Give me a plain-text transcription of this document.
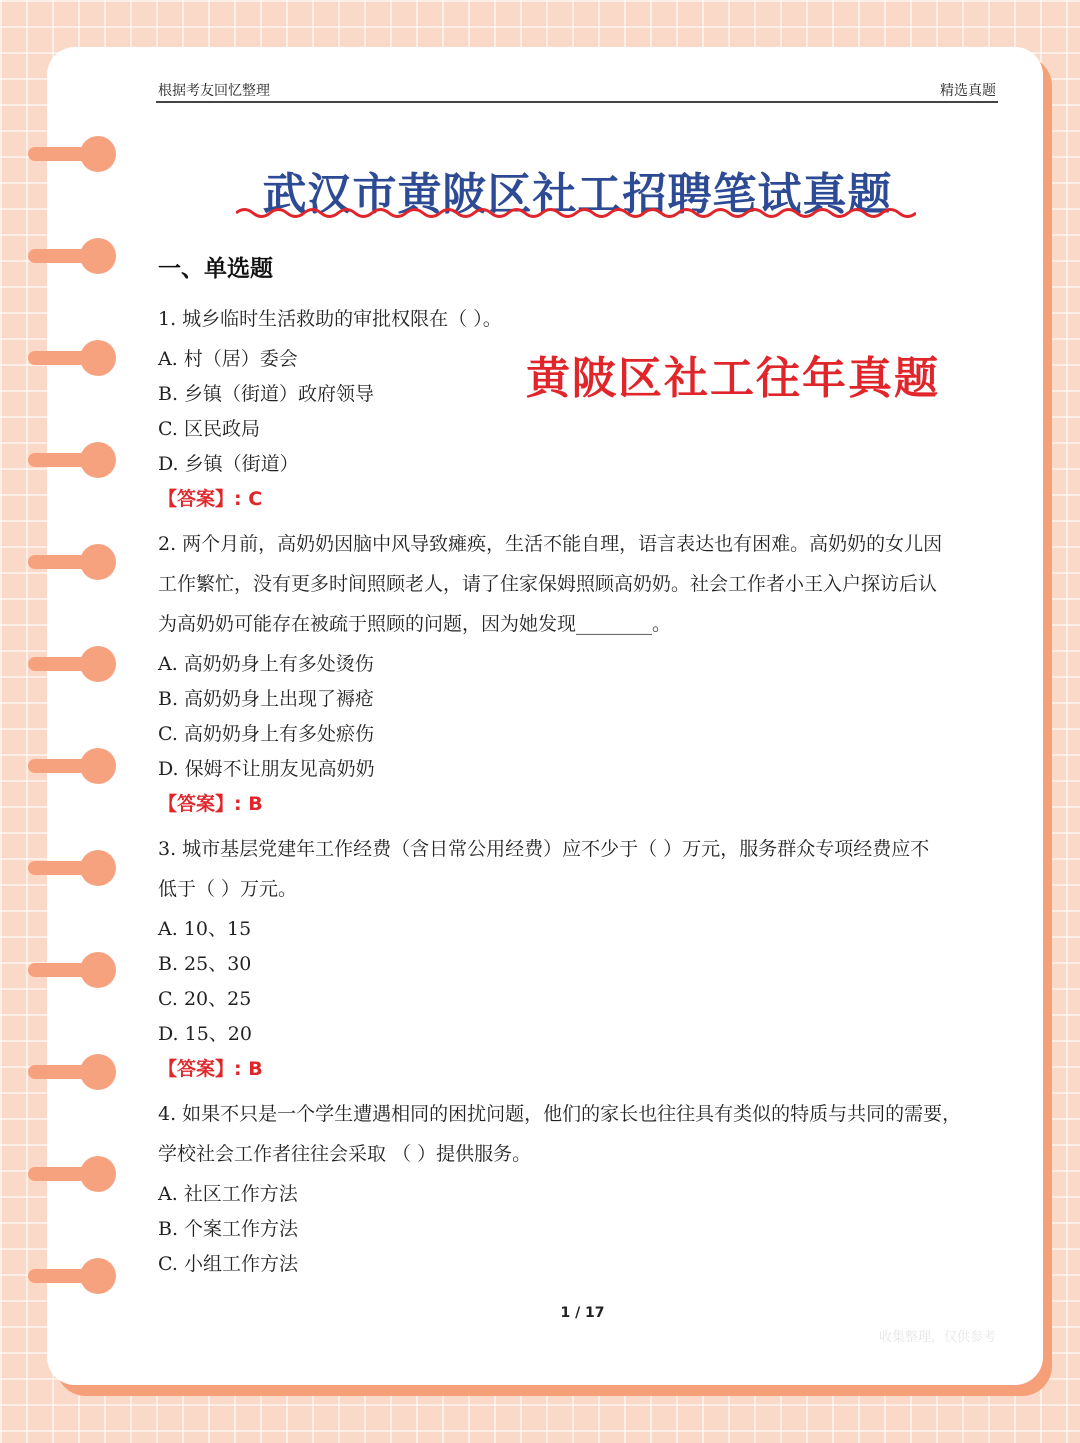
根据考友回忆整理	精选真题
武汉市黄陂区社工招聘笔试真题
一、单选题
黄陂区社工往年真题
1. 城乡临时生活救助的审批权限在（ ）。
A. 村（居）委会
B. 乡镇（街道）政府领导
C. 区民政局
D. 乡镇（街道）
【答案】: C
2. 两个月前，高奶奶因脑中风导致瘫痪，生活不能自理，语言表达也有困难。高奶奶的女儿因
工作繁忙，没有更多时间照顾老人，请了住家保姆照顾高奶奶。社会工作者小王入户探访后认
为高奶奶可能存在被疏于照顾的问题，因为她发现________。
A. 高奶奶身上有多处烫伤
B. 高奶奶身上出现了褥疮
C. 高奶奶身上有多处瘀伤
D. 保姆不让朋友见高奶奶
【答案】: B
3. 城市基层党建年工作经费（含日常公用经费）应不少于（ ）万元，服务群众专项经费应不
低于（ ）万元。
A. 10、15
B. 25、30
C. 20、25
D. 15、20
【答案】: B
4. 如果不只是一个学生遭遇相同的困扰问题，他们的家长也往往具有类似的特质与共同的需要，
学校社会工作者往往会采取 （ ）提供服务。
A. 社区工作方法
B. 个案工作方法
C. 小组工作方法
1 / 17
收集整理，仅供参考
